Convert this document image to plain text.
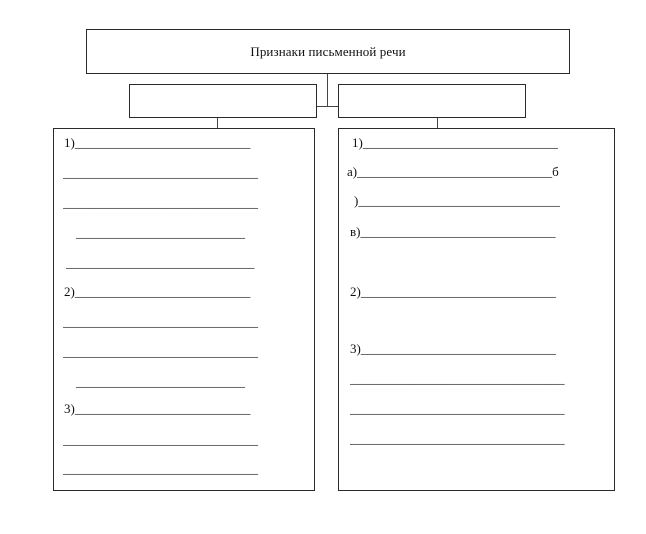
Признаки письменной речи
1)___________________________
______________________________
______________________________
__________________________
_____________________________
2)___________________________
______________________________
______________________________
__________________________
3)___________________________
______________________________
______________________________
1)______________________________
а)______________________________б
)_______________________________
в)______________________________
2)______________________________
3)______________________________
_________________________________
_________________________________
_________________________________
